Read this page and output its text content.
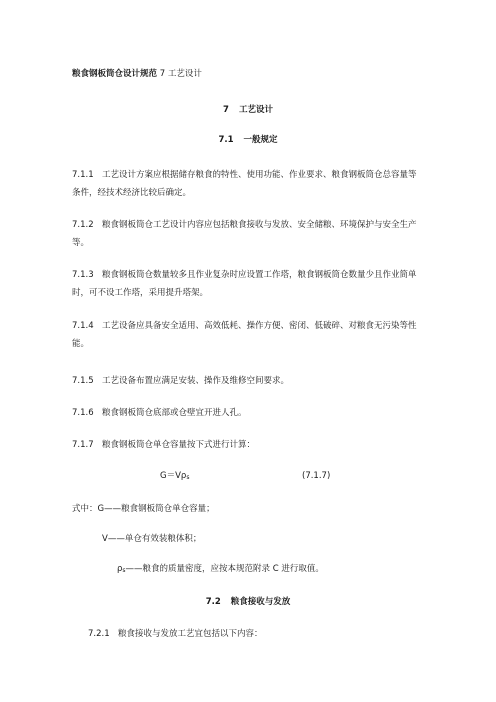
粮食钢板筒仓设计规范 7 工艺设计
7 工艺设计
7.1 一般规定
7.1.1 工艺设计方案应根据储存粮食的特性、使用功能、作业要求、粮食钢板筒仓总容量等条件，经技术经济比较后确定。
7.1.2 粮食钢板筒仓工艺设计内容应包括粮食接收与发放、安全储粮、环境保护与安全生产等。
7.1.3 粮食钢板筒仓数量较多且作业复杂时应设置工作塔，粮食钢板筒仓数量少且作业简单时，可不设工作塔，采用提升塔架。
7.1.4 工艺设备应具备安全适用、高效低耗、操作方便、密闭、低破碎、对粮食无污染等性能。
7.1.5 工艺设备布置应满足安装、操作及维修空间要求。
7.1.6 粮食钢板筒仓底部或仓壁宜开进人孔。
7.1.7 粮食钢板筒仓单仓容量按下式进行计算：
G＝Vρs	(7.1.7)
式中：G——粮食钢板筒仓单仓容量；
V——单仓有效装粮体积；
ρs——粮食的质量密度，应按本规范附录 C 进行取值。
7.2 粮食接收与发放
7.2.1 粮食接收与发放工艺宜包括以下内容：
